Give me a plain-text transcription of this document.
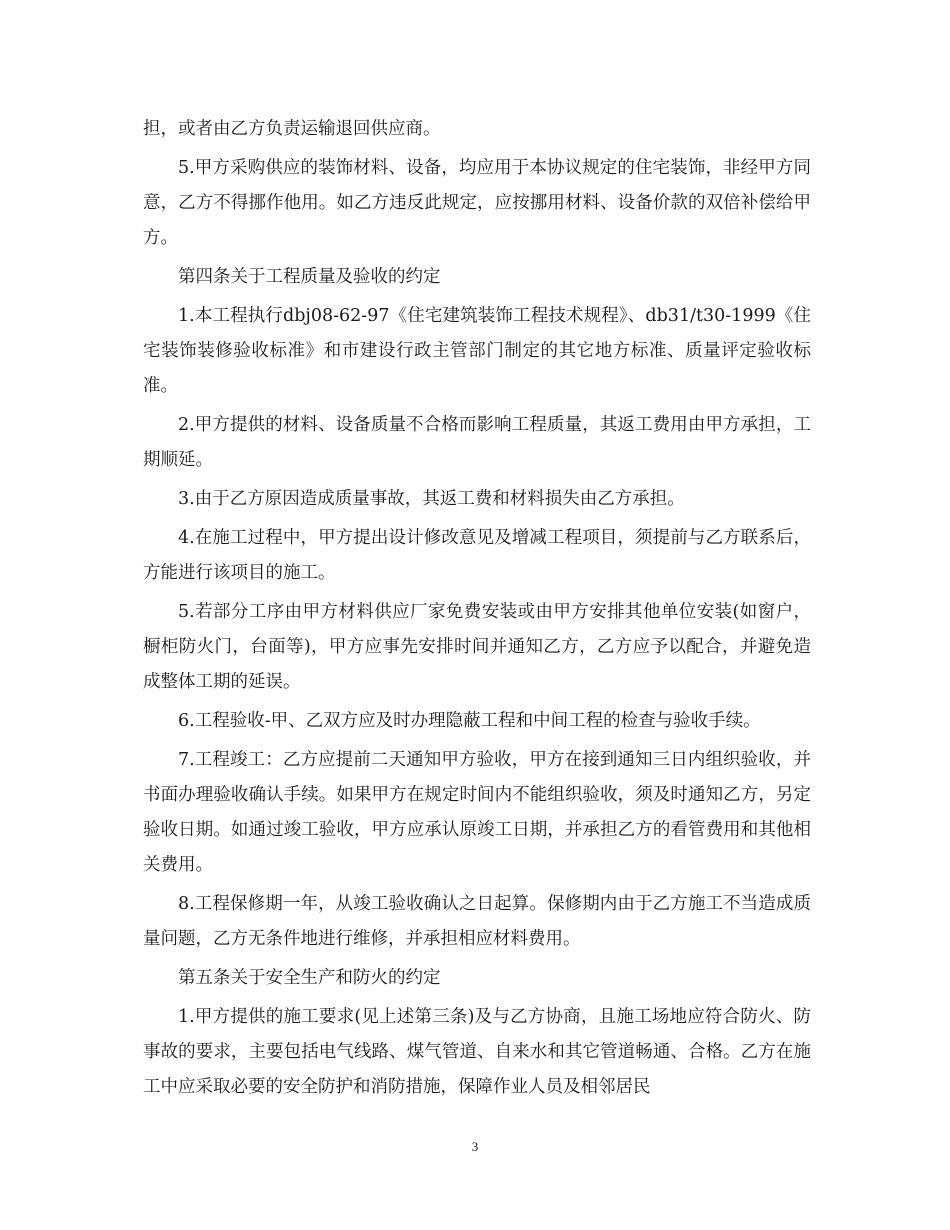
担，或者由乙方负责运输退回供应商。

5.甲方采购供应的装饰材料、设备，均应用于本协议规定的住宅装饰，非经甲方同意，乙方不得挪作他用。如乙方违反此规定，应按挪用材料、设备价款的双倍补偿给甲方。

第四条关于工程质量及验收的约定

1.本工程执行dbj08-62-97《住宅建筑装饰工程技术规程》、db31/t30-1999《住宅装饰装修验收标准》和市建设行政主管部门制定的其它地方标准、质量评定验收标准。

2.甲方提供的材料、设备质量不合格而影响工程质量，其返工费用由甲方承担，工期顺延。

3.由于乙方原因造成质量事故，其返工费和材料损失由乙方承担。

4.在施工过程中，甲方提出设计修改意见及增减工程项目，须提前与乙方联系后，方能进行该项目的施工。

5.若部分工序由甲方材料供应厂家免费安装或由甲方安排其他单位安装(如窗户，橱柜防火门，台面等)，甲方应事先安排时间并通知乙方，乙方应予以配合，并避免造成整体工期的延误。

6.工程验收-甲、乙双方应及时办理隐蔽工程和中间工程的检查与验收手续。

7.工程竣工：乙方应提前二天通知甲方验收，甲方在接到通知三日内组织验收，并书面办理验收确认手续。如果甲方在规定时间内不能组织验收，须及时通知乙方，另定验收日期。如通过竣工验收，甲方应承认原竣工日期，并承担乙方的看管费用和其他相关费用。

8.工程保修期一年，从竣工验收确认之日起算。保修期内由于乙方施工不当造成质量问题，乙方无条件地进行维修，并承担相应材料费用。

第五条关于安全生产和防火的约定

1.甲方提供的施工要求(见上述第三条)及与乙方协商，且施工场地应符合防火、防事故的要求，主要包括电气线路、煤气管道、自来水和其它管道畅通、合格。乙方在施工中应采取必要的安全防护和消防措施，保障作业人员及相邻居民

3
